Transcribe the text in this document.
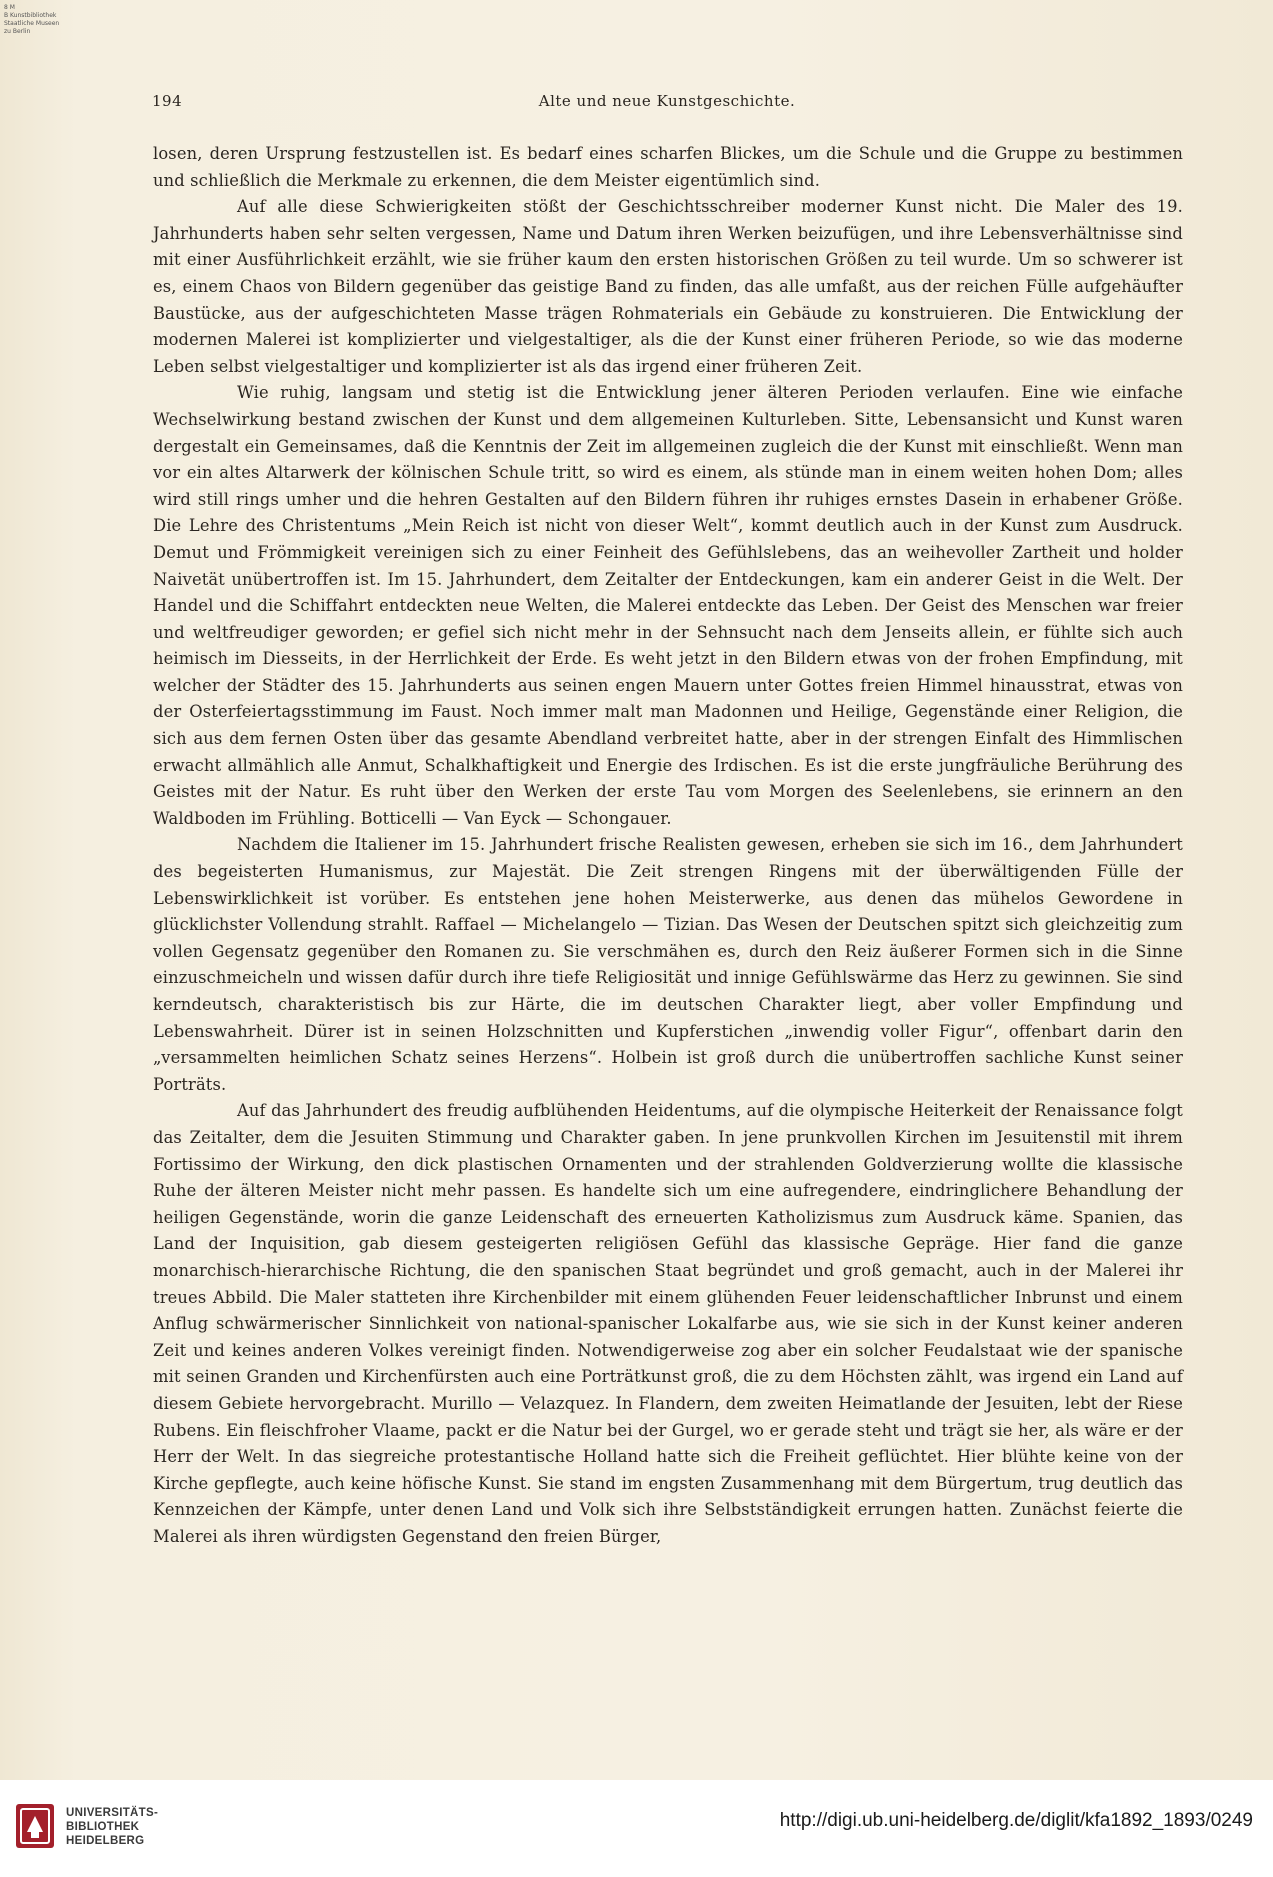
8 M
B Kunstbibliothek
Staatliche Museen
zu Berlin
194	Alte und neue Kunstgeschichte.

losen, deren Ursprung festzustellen ist. Es bedarf eines scharfen Blickes, um die Schule und die Gruppe zu bestimmen und schließlich die Merkmale zu erkennen, die dem Meister eigentümlich sind.

Auf alle diese Schwierigkeiten stößt der Geschichtsschreiber moderner Kunst nicht. Die Maler des 19. Jahrhunderts haben sehr selten vergessen, Name und Datum ihren Werken beizufügen, und ihre Lebensverhältnisse sind mit einer Ausführlichkeit erzählt, wie sie früher kaum den ersten historischen Größen zu teil wurde. Um so schwerer ist es, einem Chaos von Bildern gegenüber das geistige Band zu finden, das alle umfaßt, aus der reichen Fülle aufgehäufter Baustücke, aus der aufgeschichteten Masse trägen Rohmaterials ein Gebäude zu konstruieren. Die Entwicklung der modernen Malerei ist komplizierter und vielgestaltiger, als die der Kunst einer früheren Periode, so wie das moderne Leben selbst vielgestaltiger und komplizierter ist als das irgend einer früheren Zeit.

Wie ruhig, langsam und stetig ist die Entwicklung jener älteren Perioden verlaufen. Eine wie einfache Wechselwirkung bestand zwischen der Kunst und dem allgemeinen Kulturleben. Sitte, Lebensansicht und Kunst waren dergestalt ein Gemeinsames, daß die Kenntnis der Zeit im allgemeinen zugleich die der Kunst mit einschließt. Wenn man vor ein altes Altarwerk der kölnischen Schule tritt, so wird es einem, als stünde man in einem weiten hohen Dom; alles wird still rings umher und die hehren Gestalten auf den Bildern führen ihr ruhiges ernstes Dasein in erhabener Größe. Die Lehre des Christentums „Mein Reich ist nicht von dieser Welt“, kommt deutlich auch in der Kunst zum Ausdruck. Demut und Frömmigkeit vereinigen sich zu einer Feinheit des Gefühlslebens, das an weihevoller Zartheit und holder Naivetät unübertroffen ist. Im 15. Jahrhundert, dem Zeitalter der Entdeckungen, kam ein anderer Geist in die Welt. Der Handel und die Schiffahrt entdeckten neue Welten, die Malerei entdeckte das Leben. Der Geist des Menschen war freier und weltfreudiger geworden; er gefiel sich nicht mehr in der Sehnsucht nach dem Jenseits allein, er fühlte sich auch heimisch im Diesseits, in der Herrlichkeit der Erde. Es weht jetzt in den Bildern etwas von der frohen Empfindung, mit welcher der Städter des 15. Jahrhunderts aus seinen engen Mauern unter Gottes freien Himmel hinausstrat, etwas von der Osterfeiertagsstimmung im Faust. Noch immer malt man Madonnen und Heilige, Gegenstände einer Religion, die sich aus dem fernen Osten über das gesamte Abendland verbreitet hatte, aber in der strengen Einfalt des Himmlischen erwacht allmählich alle Anmut, Schalkhaftigkeit und Energie des Irdischen. Es ist die erste jungfräuliche Berührung des Geistes mit der Natur. Es ruht über den Werken der erste Tau vom Morgen des Seelenlebens, sie erinnern an den Waldboden im Frühling. Botticelli — Van Eyck — Schongauer.

Nachdem die Italiener im 15. Jahrhundert frische Realisten gewesen, erheben sie sich im 16., dem Jahrhundert des begeisterten Humanismus, zur Majestät. Die Zeit strengen Ringens mit der überwältigenden Fülle der Lebenswirklichkeit ist vorüber. Es entstehen jene hohen Meisterwerke, aus denen das mühelos Gewordene in glücklichster Vollendung strahlt. Raffael — Michelangelo — Tizian. Das Wesen der Deutschen spitzt sich gleichzeitig zum vollen Gegensatz gegenüber den Romanen zu. Sie verschmähen es, durch den Reiz äußerer Formen sich in die Sinne einzuschmeicheln und wissen dafür durch ihre tiefe Religiosität und innige Gefühlswärme das Herz zu gewinnen. Sie sind kerndeutsch, charakteristisch bis zur Härte, die im deutschen Charakter liegt, aber voller Empfindung und Lebenswahrheit. Dürer ist in seinen Holzschnitten und Kupferstichen „inwendig voller Figur“, offenbart darin den „versammelten heimlichen Schatz seines Herzens“. Holbein ist groß durch die unübertroffen sachliche Kunst seiner Porträts.

Auf das Jahrhundert des freudig aufblühenden Heidentums, auf die olympische Heiterkeit der Renaissance folgt das Zeitalter, dem die Jesuiten Stimmung und Charakter gaben. In jene prunkvollen Kirchen im Jesuitenstil mit ihrem Fortissimo der Wirkung, den dick plastischen Ornamenten und der strahlenden Goldverzierung wollte die klassische Ruhe der älteren Meister nicht mehr passen. Es handelte sich um eine aufregendere, eindringlichere Behandlung der heiligen Gegenstände, worin die ganze Leidenschaft des erneuerten Katholizismus zum Ausdruck käme. Spanien, das Land der Inquisition, gab diesem gesteigerten religiösen Gefühl das klassische Gepräge. Hier fand die ganze monarchisch-hierarchische Richtung, die den spanischen Staat begründet und groß gemacht, auch in der Malerei ihr treues Abbild. Die Maler statteten ihre Kirchenbilder mit einem glühenden Feuer leidenschaftlicher Inbrunst und einem Anflug schwärmerischer Sinnlichkeit von national-spanischer Lokalfarbe aus, wie sie sich in der Kunst keiner anderen Zeit und keines anderen Volkes vereinigt finden. Notwendigerweise zog aber ein solcher Feudalstaat wie der spanische mit seinen Granden und Kirchenfürsten auch eine Porträtkunst groß, die zu dem Höchsten zählt, was irgend ein Land auf diesem Gebiete hervorgebracht. Murillo — Velazquez. In Flandern, dem zweiten Heimatlande der Jesuiten, lebt der Riese Rubens. Ein fleischfroher Vlaame, packt er die Natur bei der Gurgel, wo er gerade steht und trägt sie her, als wäre er der Herr der Welt. In das siegreiche protestantische Holland hatte sich die Freiheit geflüchtet. Hier blühte keine von der Kirche gepflegte, auch keine höfische Kunst. Sie stand im engsten Zusammenhang mit dem Bürgertum, trug deutlich das Kennzeichen der Kämpfe, unter denen Land und Volk sich ihre Selbstständigkeit errungen hatten. Zunächst feierte die Malerei als ihren würdigsten Gegenstand den freien Bürger,

UNIVERSITÄTS-
BIBLIOTHEK
HEIDELBERG
http://digi.ub.uni-heidelberg.de/diglit/kfa1892_1893/0249
